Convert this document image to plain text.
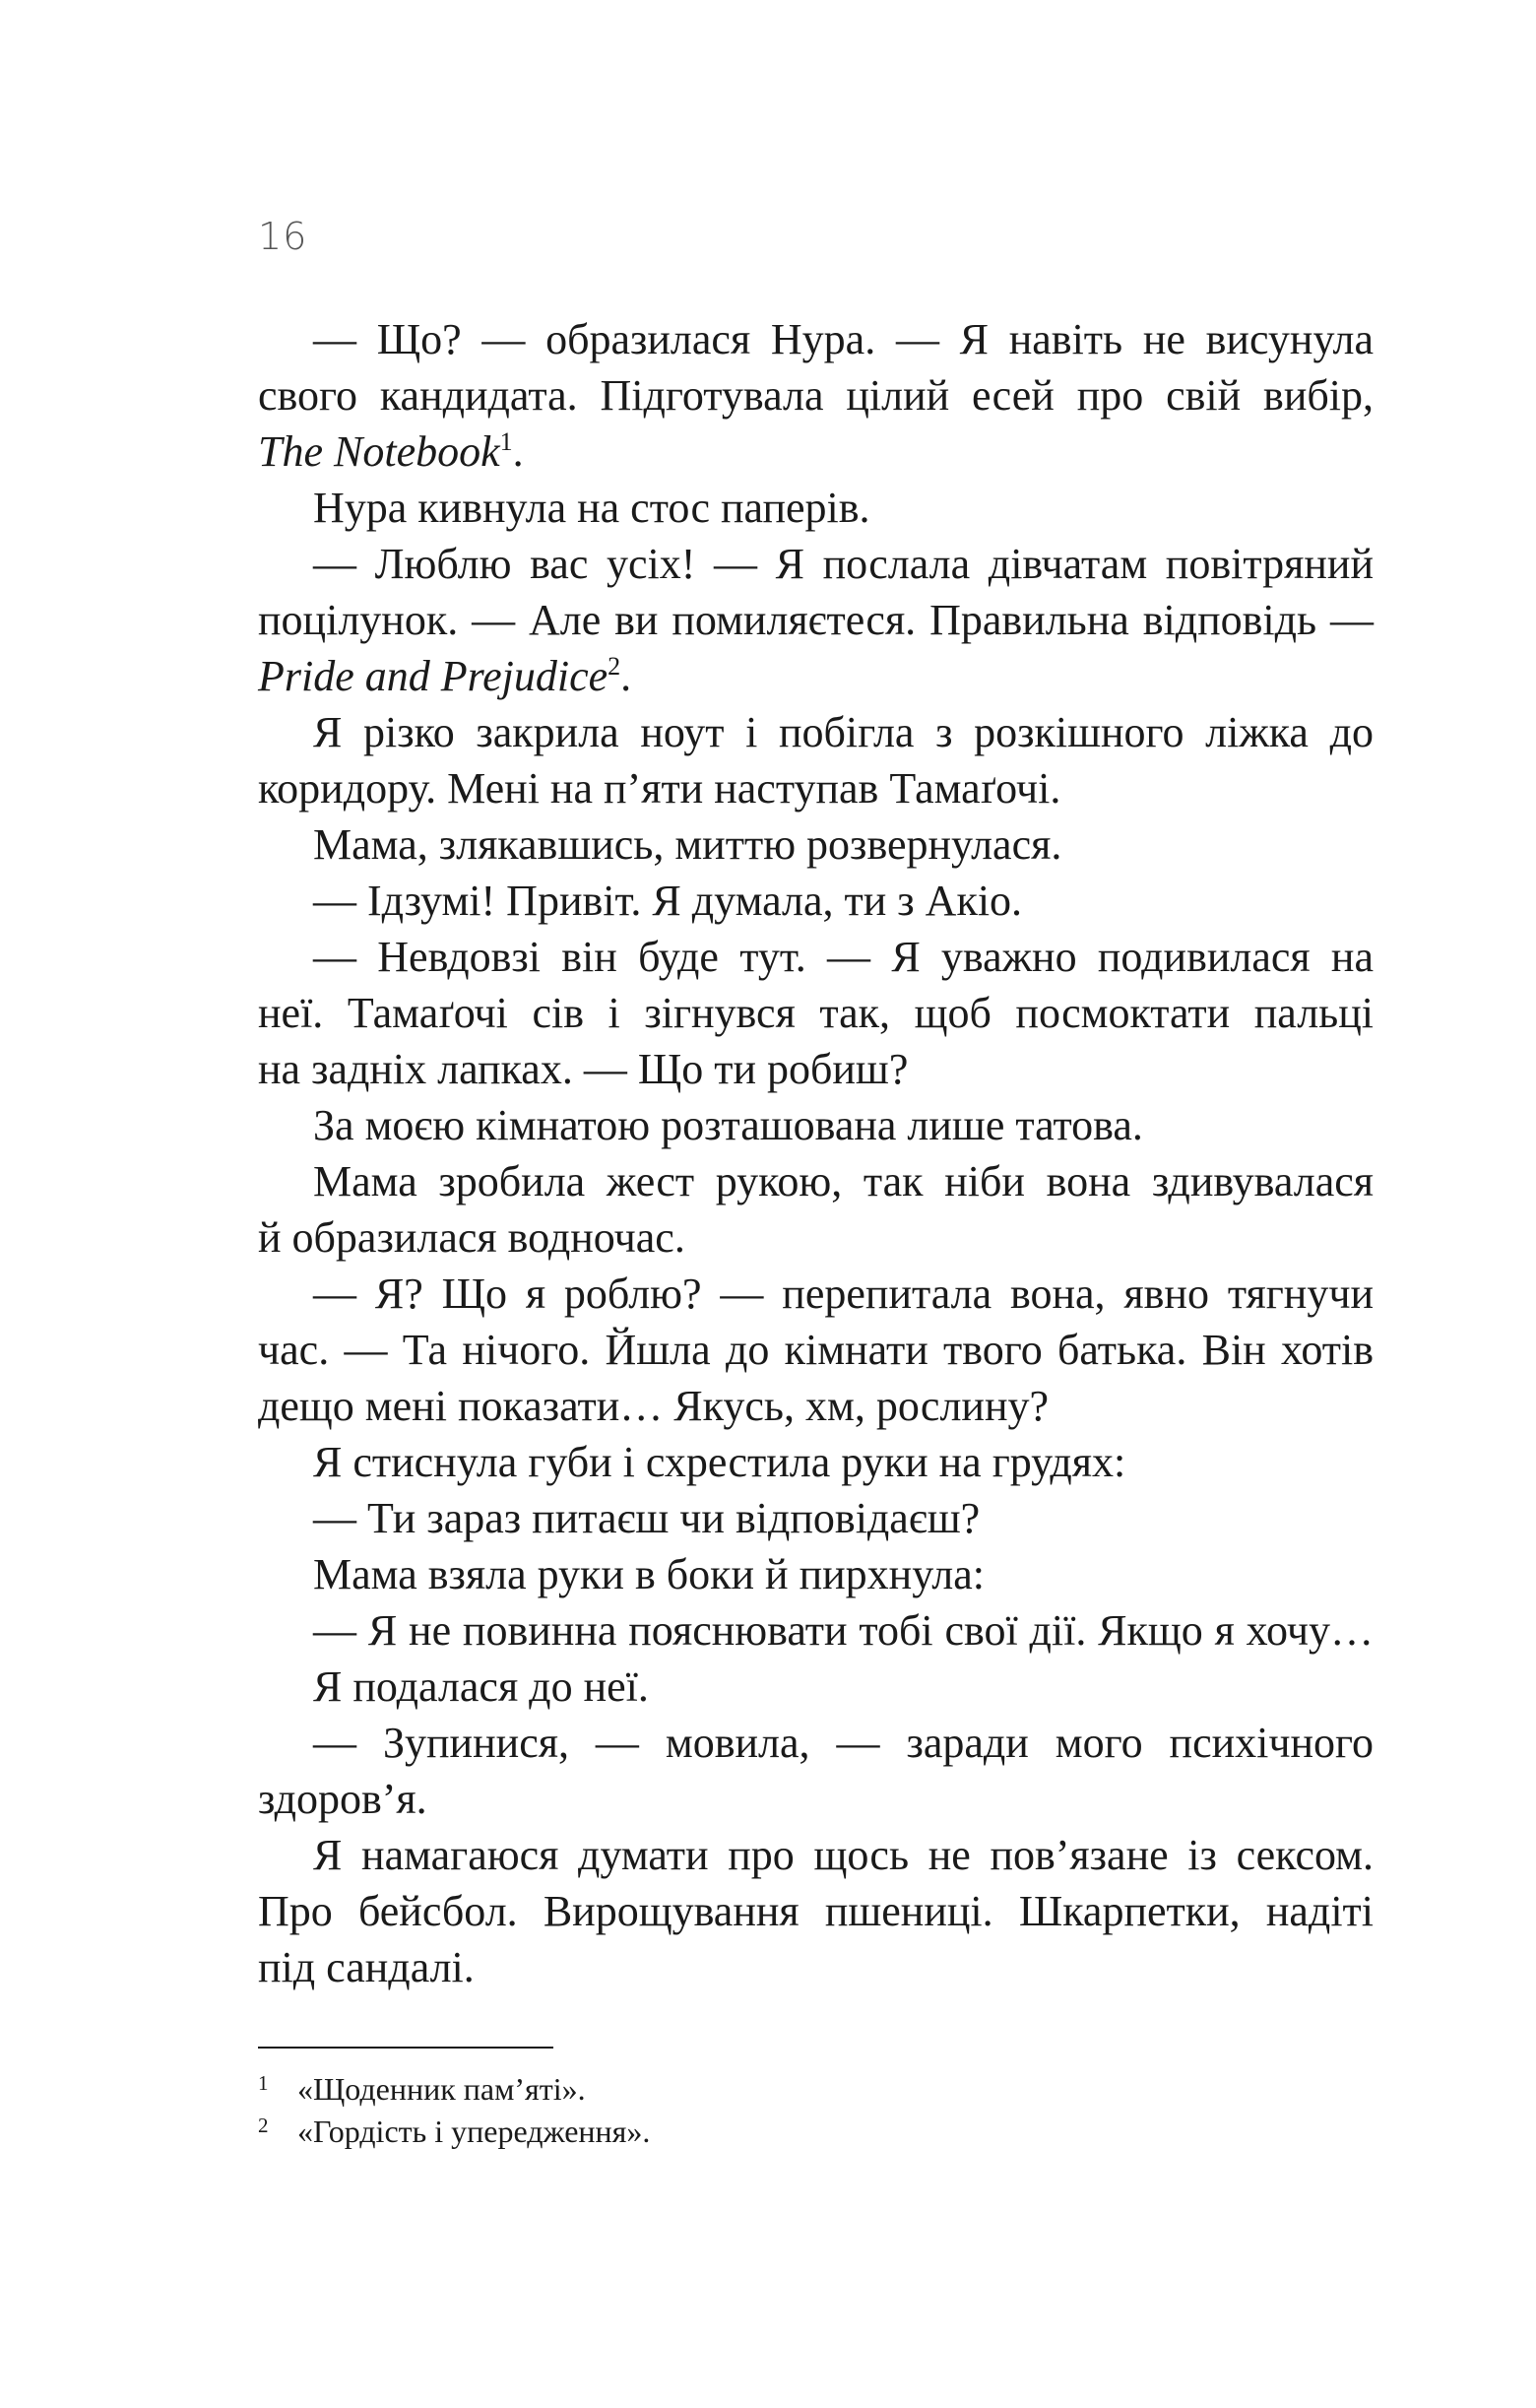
16
— Що? — образилася Нура. — Я навіть не висунула
свого кандидата. Підготувала цілий есей про свій вибір,
The Notebook$^1$.
Нура кивнула на стос паперів.
— Люблю вас усіх! — Я послала дівчатам повітряний
поцілунок. — Але ви помиляєтеся. Правильна відповідь —
Pride and Prejudice$^2$.
Я різко закрила ноут і побігла з розкішного ліжка до
коридору. Мені на п’яти наступав Тамаґочі.
Мама, злякавшись, миттю розвернулася.
— Ідзумі! Привіт. Я думала, ти з Акіо.
— Невдовзі він буде тут. — Я уважно подивилася на
неї. Тамаґочі сів і зігнувся так, щоб посмоктати пальці
на задніх лапках. — Що ти робиш?
За моєю кімнатою розташована лише татова.
Мама зробила жест рукою, так ніби вона здивувалася
й образилася водночас.
— Я? Що я роблю? — перепитала вона, явно тягнучи
час. — Та нічого. Йшла до кімнати твого батька. Він хотів
дещо мені показати… Якусь, хм, рослину?
Я стиснула губи і схрестила руки на грудях:
— Ти зараз питаєш чи відповідаєш?
Мама взяла руки в боки й пирхнула:
— Я не повинна пояснювати тобі свої дії. Якщо я хочу…
Я подалася до неї.
— Зупинися, — мовила, — заради мого психічного
здоров’я.
Я намагаюся думати про щось не пов’язане із сексом.
Про бейсбол. Вирощування пшениці. Шкарпетки, надіті
під сандалі.
1 «Щоденник пам’яті».
2 «Гордість і упередження».
